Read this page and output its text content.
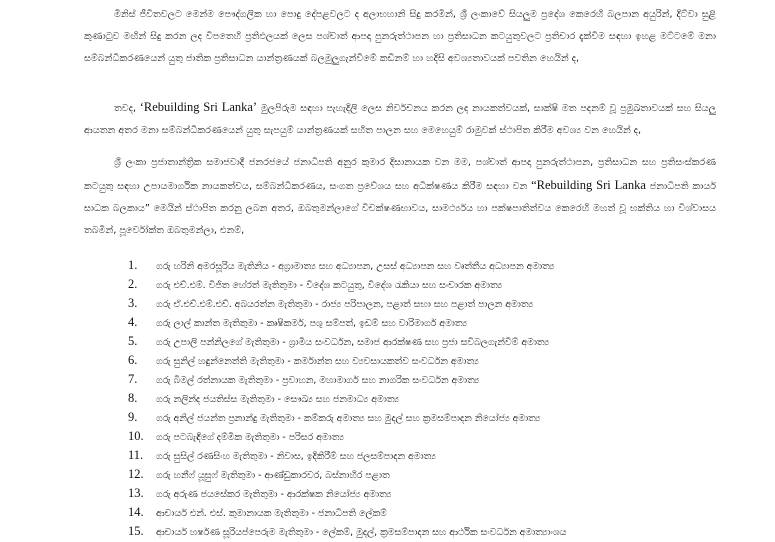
මිනිස් ජීවිතවලට මෙන්ම පෞද්ගලික හා පොදු දේපළවලට ද අලාභහානි සිදු කරමින්, ශ්‍රී ලංකාවේ සියලුම ප්‍රදේශ කෙරෙහි බලපාන අයුරින්, දිට්වා සුළි කුණාටුව මඟින් සිදු කරන ලද විපතෙහි ප්‍රතිඵලයක් ලෙස පශ්චාත් ආපදා පුනරුත්ථාපන හා ප්‍රතිසාධන කටයුතුවලට ප්‍රතිචාර දැක්වීම සඳහා ඉහළ මට්ටමේ මනා සම්බන්ධීකරණයෙන් යුතු ජාතික ප්‍රතිසාධන යාන්ත්‍රණයක් බලමුලුගැන්වීමේ කඩිනම් හා හදිසි අවශ්‍යතාවයක් පවතින හෙයින් ද,
තවද, ‘Rebuilding Sri Lanka’ මුලපිරුම සඳහා පැහැදිලි ලෙස නිර්වචනය කරන ලද නායකත්වයක්, සාක්ෂි මත පදනම් වූ ප්‍රමුඛතාවයක් සහ සියලු ආයතන අතර මනා සම්බන්ධීකරණයෙන් යුතු සැපයුම් යාන්ත්‍රණයක් සහිත පාලන සහ මෙහෙයුම් රාමුවක් ස්ථාපිත කිරීම අවශ්‍ය වන හෙයින් ද,
ශ්‍රී ලංකා ප්‍රජාතාන්ත්‍රික සමාජවාදී ජනරජයේ ජනාධිපති අනුර කුමාර දිසානායක වන මම, පශ්චාත් ආපදා පුනරුත්ථාපන, ප්‍රතිසාධන සහ ප්‍රතිසංස්කරණ කටයුතු සඳහා උපායමාර්ගික නායකත්වය, සම්බන්ධීකරණය, සංගත ප්‍රවේශය සහ අධීක්ෂණය කිරීම සඳහා වන “Rebuilding Sri Lanka ජනාධිපති කාර්ය සාධක බලකාය” මෙයින් ස්ථාපිත කරනු ලබන අතර, ඔබතුමන්ලාගේ විචක්ෂණභාවය, සාමර්ථ්‍යය හා පක්ෂපාතිත්වය කෙරෙහි මහත් වූ භක්තිය හා විශ්වාසය තබමින්, පූර්වෝක්ත ඔබතුමන්ලා, එනම්,
1.	ගරු හරිනි අමරසූරිය මැතිනිය - අග්‍රාමාත්‍ය සහ අධ්‍යාපන, උසස් අධ්‍යාපන සහ වෘත්තීය අධ්‍යාපන අමාත්‍ය
2.	ගරු එච්.එම්. විජිත හේරත් මැතිතුමා - විදේශ කටයුතු, විදේශ රැකියා සහ සංචාරක අමාත්‍ය
3.	ගරු ඒ.එච්.එම්.එච්. අබයරත්න මැතිතුමා - රාජ්‍ය පරිපාලන, පළාත් සභා සහ පළාත් පාලන අමාත්‍ය
4.	ගරු ලාල් කාන්ත මැතිතුමා - කෘෂිකර්ම, පශු සම්පත්, ඉඩම් සහ වාරිමාර්ග අමාත්‍ය
5.	ගරු උපාලි පන්නිලගේ මැතිතුමා - ග්‍රාමීය සංවර්ධන, සමාජ ආරක්ෂණ සහ ප්‍රජා සවිබලගැන්වීම් අමාත්‍ය
6.	ගරු සුනිල් හඳුන්නෙත්ති මැතිතුමා - කර්මාන්ත සහ ව්‍යවසායකත්ව සංවර්ධන අමාත්‍ය
7.	ගරු බිමල් රත්නායක මැතිතුමා - ප්‍රවාහන, මහාමාර්ග සහ නාගරික සංවර්ධන අමාත්‍ය
8.	ගරු නලින්ද ජයතිස්ස මැතිතුමා - සෞඛ්‍ය සහ ජනමාධ්‍ය අමාත්‍ය
9.	ගරු අනිල් ජයන්ත ප්‍රනාන්දු මැතිතුමා - කම්කරු අමාත්‍ය සහ මුදල් සහ ක්‍රමසම්පාදන නියෝජ්‍ය අමාත්‍ය
10.	ගරු පටබැඳිගේ දම්මික මැතිතුමා - පරිසර අමාත්‍ය
11.	ගරු සුසිල් රණසිංහ මැතිතුමා - නිවාස, ඉදිකිරීම් සහ ජලසම්පාදන අමාත්‍ය
12.	ගරු හනීෆ් යූසුෆ් මැතිතුමා - ආණ්ඩුකාරවර, බස්නාහිර පළාත
13.	ගරු අරුණ ජයසේකර මැතිතුමා - ආරක්ෂක නියෝජ්‍ය අමාත්‍ය
14.	ආචාර්ය එන්. එස්. කුමානායක මැතිතුමා - ජනාධිපති ලේකම්
15.	ආචාර්ය හර්ෂණ සූරියප්පෙරුම මැතිතුමා - ලේකම්, මුදල්, ක්‍රමසම්පාදන සහ ආර්ථික සංවර්ධන අමාත්‍යාංශය
